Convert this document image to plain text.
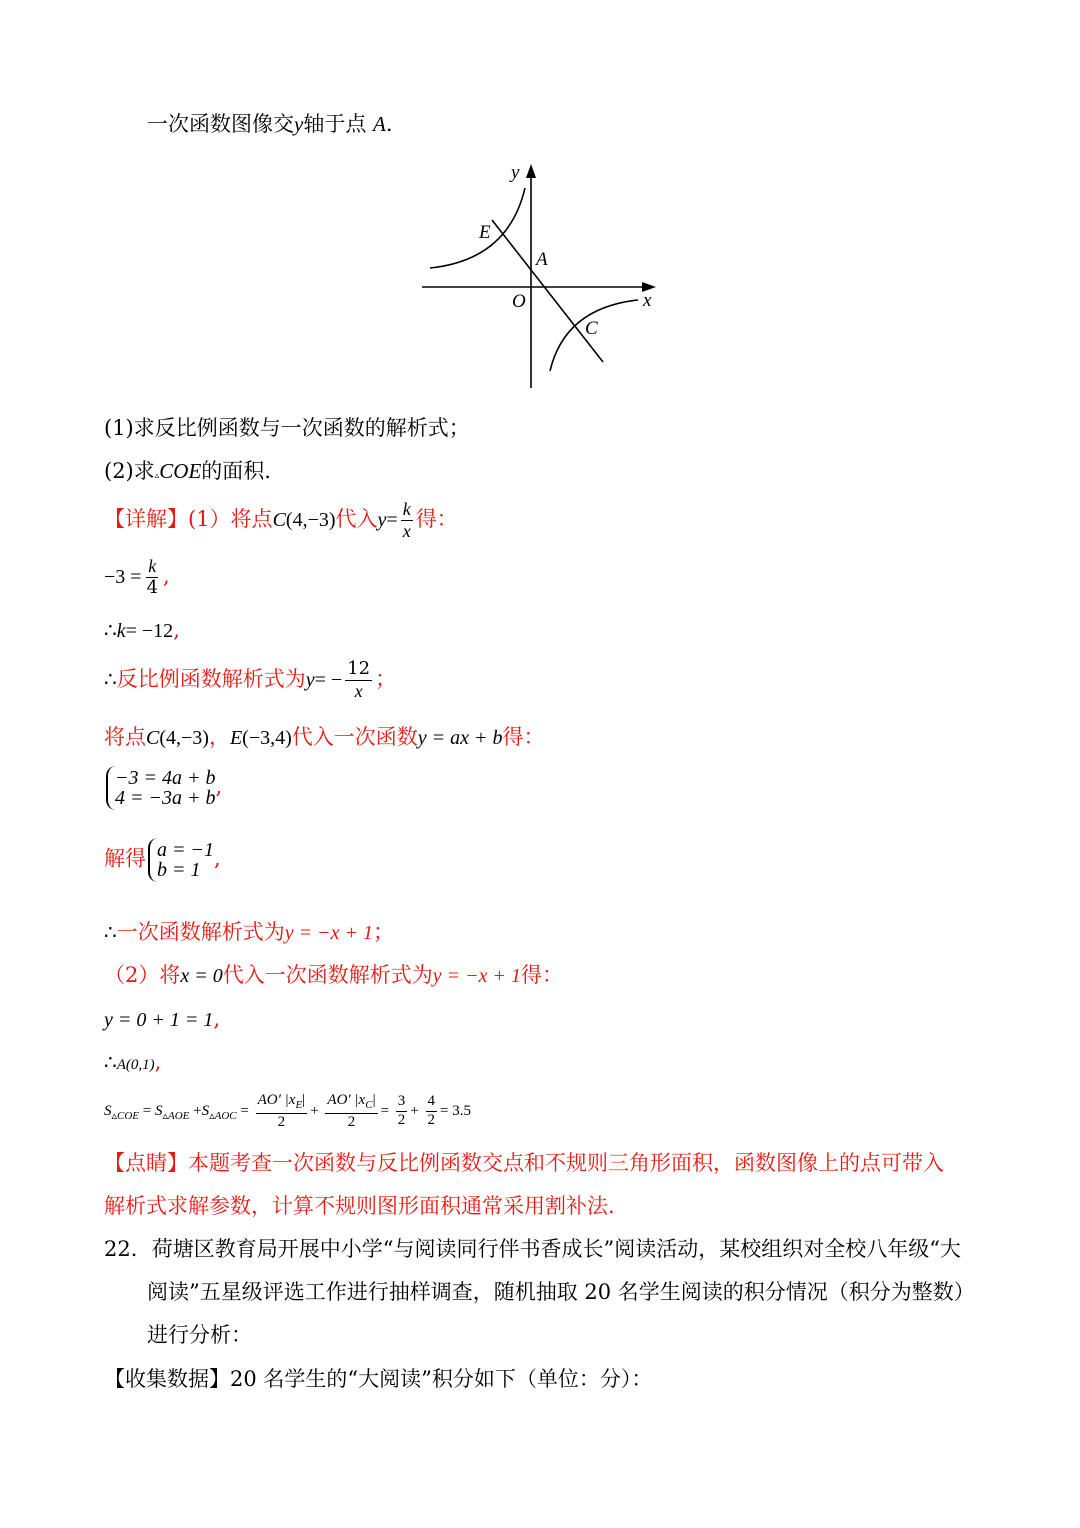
一次函数图像交y轴于点 A.
y
x
O
A
E
C
(1)求反比例函数与一次函数的解析式；
(2)求▵COE的面积.
【详解】(1）将点C(4,−3)代入$y= \frac{k}{x}$ 得：
$-3 = \frac{k}{4}$ ,
∴k= −12,
∴反比例函数解析式为$y= - \frac{12}{x}$ ；
将点C(4,−3)，E(−3,4)代入一次函数y = ax + b得：
−3 = 4a + b
4 = −3a + b ,
解得 a = −1
b = 1 ,
∴一次函数解析式为y = −x + 1；
（2）将x = 0代入一次函数解析式为y = −x + 1得：
y = 0 + 1 = 1,
∴A(0,1),
$S_{▵COE} = S_{▵AOE} +S_{▵AOC} = \frac{AO' |x_E|}{2} + \frac{AO' |x_C|}{2} = \frac{3}{2} + \frac{4}{2} = 3.5$
【点睛】本题考查一次函数与反比例函数交点和不规则三角形面积，函数图像上的点可带入
解析式求解参数，计算不规则图形面积通常采用割补法.
22．荷塘区教育局开展中小学“与阅读同行伴书香成长”阅读活动，某校组织对全校八年级“大
阅读”五星级评选工作进行抽样调查，随机抽取 20 名学生阅读的积分情况（积分为整数）
进行分析：
【收集数据】20 名学生的“大阅读”积分如下（单位：分）：
